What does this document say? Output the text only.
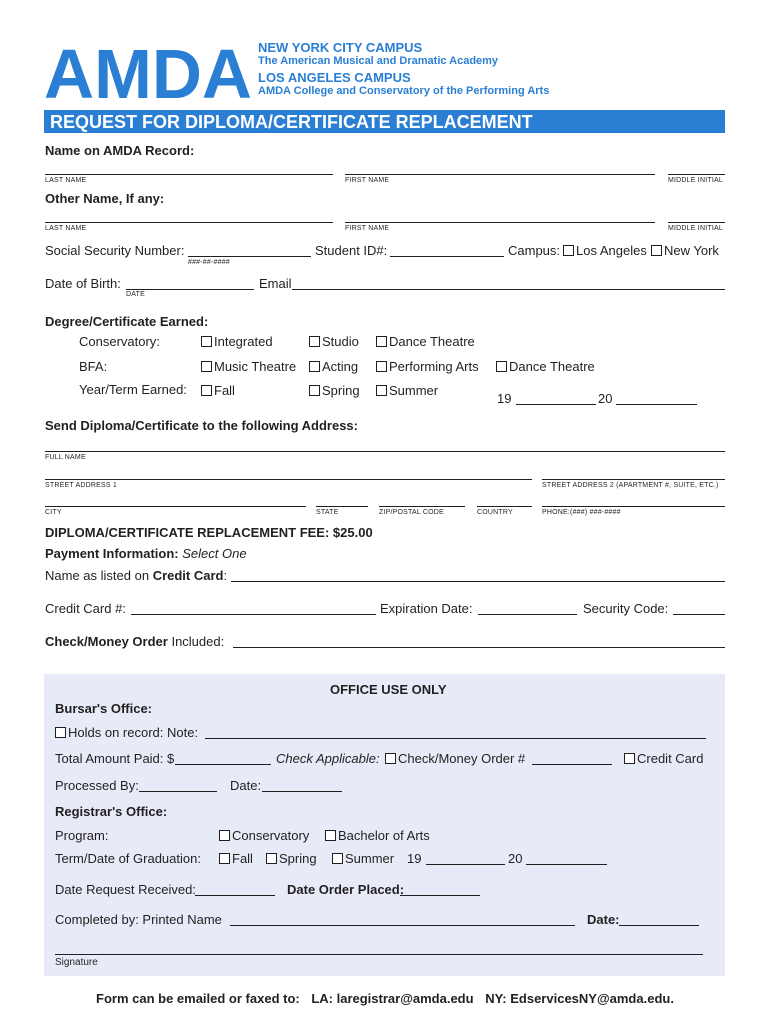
AMDA NEW YORK CITY CAMPUS
The American Musical and Dramatic Academy
LOS ANGELES CAMPUS
AMDA College and Conservatory of the Performing Arts
REQUEST FOR DIPLOMA/CERTIFICATE REPLACEMENT
Name on AMDA Record:
LAST NAME	FIRST NAME	MIDDLE INITIAL
Other Name, If any:
LAST NAME	FIRST NAME	MIDDLE INITIAL
Social Security Number:
###-##-####
Student ID#:	Campus:	Los Angeles	New York
Date of Birth:
DATE
Email
Degree/Certificate Earned:
Conservatory:	Integrated	Studio	Dance Theatre
BFA:	Music Theatre	Acting	Performing Arts	Dance Theatre
Year/Term Earned:	Fall	Spring	Summer
19	20
Send Diploma/Certificate to the following Address:
FULL NAME
STREET ADDRESS 1	STREET ADDRESS 2 (APARTMENT #, SUITE, ETC.)
CITY	STATE	ZIP/POSTAL CODE	COUNTRY	PHONE:(###) ###-####
DIPLOMA/CERTIFICATE REPLACEMENT FEE: $25.00
Payment Information: Select One
Name as listed on Credit Card:
Credit Card #:	Expiration Date:	Security Code:
Check/Money Order Included:
OFFICE USE ONLY
Bursar's Office:
Holds on record: Note:
Total Amount Paid: $	Check Applicable:	Check/Money Order #	Credit Card
Processed By:	Date:
Registrar's Office:
Program:	Conservatory	Bachelor of Arts
Term/Date of Graduation:	Fall	Spring	Summer 19	20
Date Request Received:	Date Order Placed:
Completed by: Printed Name	Date:
Signature
Form can be emailed or faxed to: LA: laregistrar@amda.edu NY: EdservicesNY@amda.edu.
